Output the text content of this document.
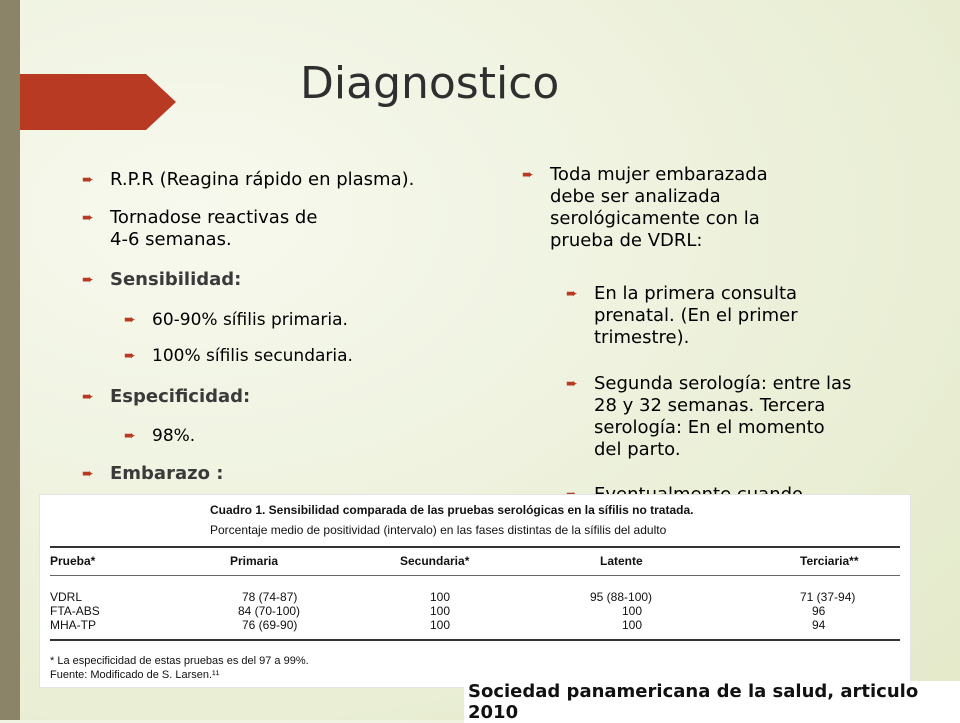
Diagnostico
➨ R.P.R (Reagina rápido en plasma).
➨ Tornadose reactivas de 4-6 semanas.
➨ Sensibilidad:
➨ 60-90% sífilis primaria.
➨ 100% sífilis secundaria.
➨ Especificidad:
➨ 98%.
➨ Embarazo :
➨ Toda mujer embarazada debe ser analizada serológicamente con la prueba de VDRL:
➨ En la primera consulta prenatal. (En el primer trimestre).
➨ Segunda serología: entre las 28 y 32 semanas. Tercera serología: En el momento del parto.
Cuadro 1. Sensibilidad comparada de las pruebas serológicas en la sífilis no tratada.
Porcentaje medio de positividad (intervalo) en las fases distintas de la sífilis del adulto
Prueba*	Primaria	Secundaria*	Latente	Terciaria**
VDRL	78 (74-87)	100	95 (88-100)	71 (37-94)
FTA-ABS	84 (70-100)	100	100	96
MHA-TP	76 (69-90)	100	100	94
* La especificidad de estas pruebas es del 97 a 99%.
Fuente: Modificado de S. Larsen.¹¹
Sociedad panamericana de la salud, articulo 2010
